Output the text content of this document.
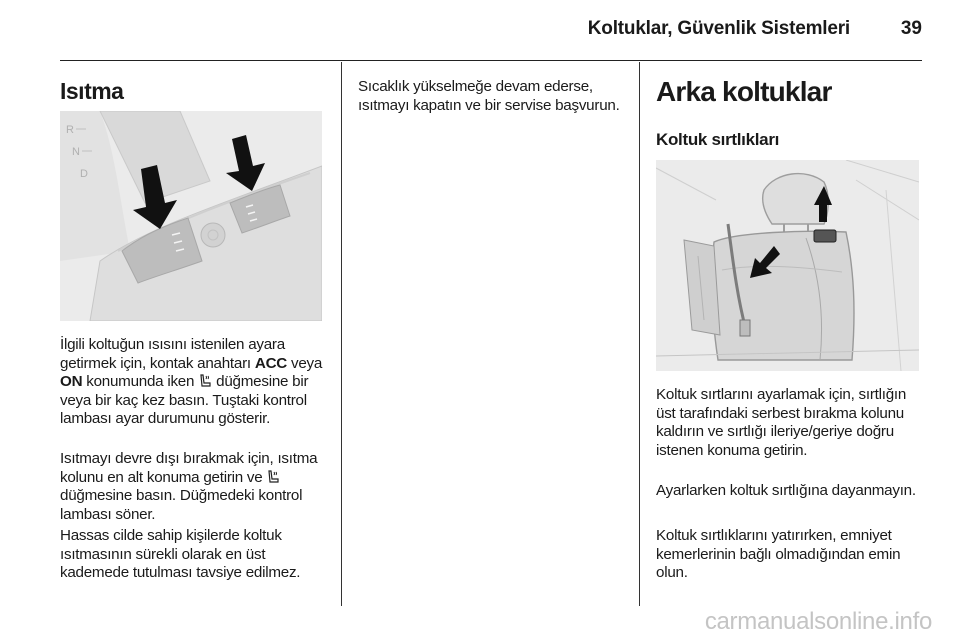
Koltuklar, Güvenlik Sistemleri	39
Isıtma
R
N
D

İlgili koltuğun ısısını istenilen ayara getirmek için, kontak anahtarı ACC veya ON konumunda iken  düğmesine bir veya bir kaç kez basın. Tuştaki kontrol lambası ayar durumunu gösterir.

Isıtmayı devre dışı bırakmak için, ısıtma kolunu en alt konuma getirin ve  düğmesine basın. Düğmedeki kontrol lambası söner.

Hassas cilde sahip kişilerde koltuk ısıtmasının sürekli olarak en üst kademede tutulması tavsiye edilmez.

Sıcaklık yükselmeğe devam ederse, ısıtmayı kapatın ve bir servise başvurun. Arka koltuklar
Koltuk sırtlıkları

Koltuk sırtlarını ayarlamak için, sırtlığın üst tarafındaki serbest bırakma kolunu kaldırın ve sırtlığı ileriye/geriye doğru istenen konuma getirin.

Ayarlarken koltuk sırtlığına dayanmayın.

Koltuk sırtlıklarını yatırırken, emniyet kemerlerinin bağlı olmadığından emin olun.

carmanualsonline.info
